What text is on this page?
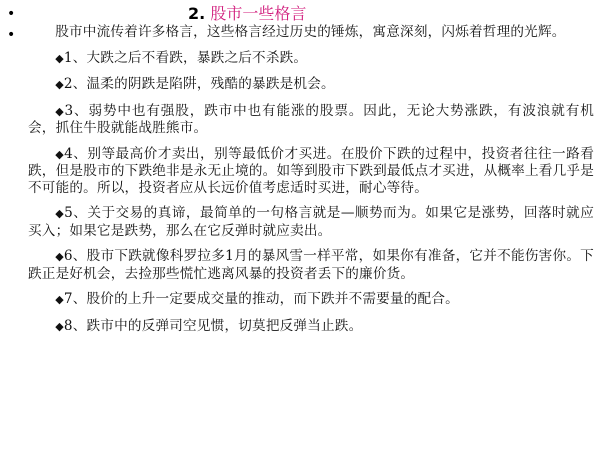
•
•
2. 股市一些格言

股市中流传着许多格言，这些格言经过历史的锤炼，寓意深刻，闪烁着哲理的光辉。

◆1、大跌之后不看跌，暴跌之后不杀跌。

◆2、温柔的阴跌是陷阱，残酷的暴跌是机会。

◆3、弱势中也有强股，跌市中也有能涨的股票。因此，无论大势涨跌，有波浪就有机会，抓住牛股就能战胜熊市。

◆4、别等最高价才卖出，别等最低价才买进。在股价下跌的过程中，投资者往往一路看跌，但是股市的下跌绝非是永无止境的。如等到股市下跌到最低点才买进，从概率上看几乎是不可能的。所以，投资者应从长远价值考虑适时买进，耐心等待。

◆5、关于交易的真谛，最简单的一句格言就是—顺势而为。如果它是涨势，回落时就应买入；如果它是跌势，那么在它反弹时就应卖出。

◆6、股市下跌就像科罗拉多1月的暴风雪一样平常，如果你有准备，它并不能伤害你。下跌正是好机会，去捡那些慌忙逃离风暴的投资者丢下的廉价货。

◆7、股价的上升一定要成交量的推动，而下跌并不需要量的配合。

◆8、跌市中的反弹司空见惯，切莫把反弹当止跌。
